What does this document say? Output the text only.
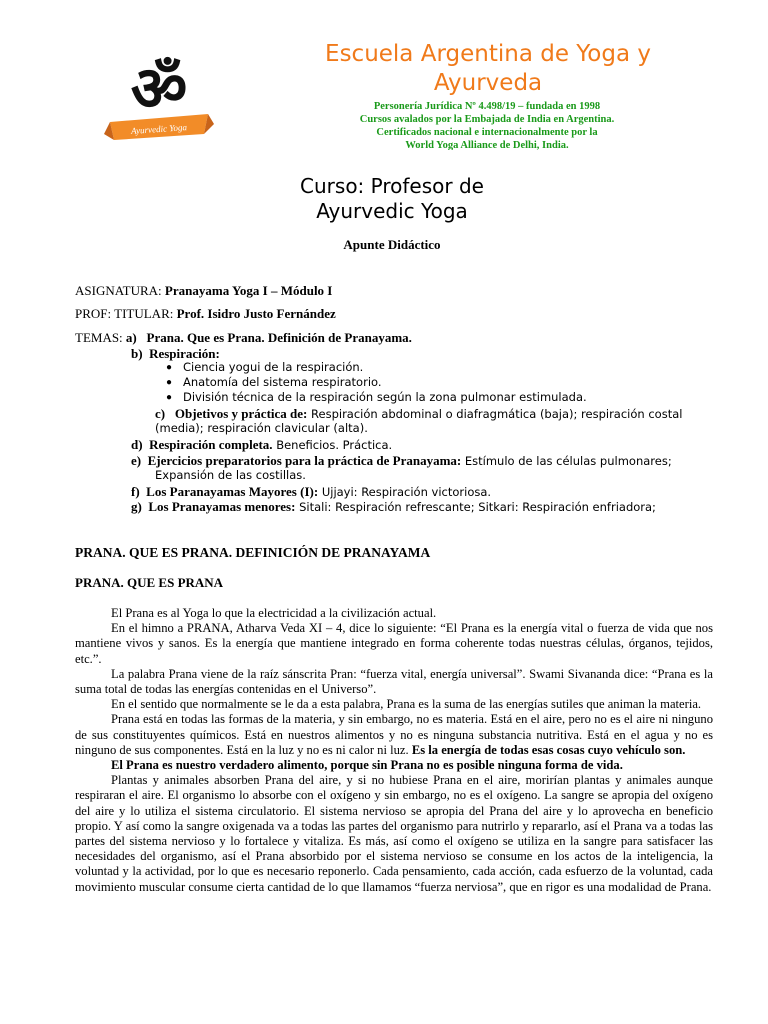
ॐ
Ayurvedic Yoga
Escuela Argentina de Yoga y Ayurveda
Personería Jurídica Nº 4.498/19 – fundada en 1998
Cursos avalados por la Embajada de India en Argentina.
Certificados nacional e internacionalmente por la
World Yoga Alliance de Delhi, India.
Curso: Profesor de
Ayurvedic Yoga
Apunte Didáctico
ASIGNATURA: Pranayama Yoga I – Módulo I
PROF: TITULAR: Prof. Isidro Justo Fernández
TEMAS: a) Prana. Que es Prana. Definición de Pranayama.
b) Respiración:
● Ciencia yogui de la respiración.
● Anatomía del sistema respiratorio.
● División técnica de la respiración según la zona pulmonar estimulada.
c) Objetivos y práctica de: Respiración abdominal o diafragmática (baja); respiración costal
(media); respiración clavicular (alta).
d) Respiración completa. Beneficios. Práctica.
e) Ejercicios preparatorios para la práctica de Pranayama: Estímulo de las células pulmonares;
Expansión de las costillas.
f) Los Paranayamas Mayores (I): Ujjayi: Respiración victoriosa.
g) Los Pranayamas menores: Sitali: Respiración refrescante; Sitkari: Respiración enfriadora;
PRANA. QUE ES PRANA. DEFINICIÓN DE PRANAYAMA
PRANA. QUE ES PRANA
El Prana es al Yoga lo que la electricidad a la civilización actual.
En el himno a PRANA, Atharva Veda XI – 4, dice lo siguiente: “El Prana es la energía vital o fuerza de vida que nos mantiene vivos y sanos. Es la energía que mantiene integrado en forma coherente todas nuestras células, órganos, tejidos, etc.”.
La palabra Prana viene de la raíz sánscrita Pran: “fuerza vital, energía universal”. Swami Sivananda dice: “Prana es la suma total de todas las energías contenidas en el Universo”.
En el sentido que normalmente se le da a esta palabra, Prana es la suma de las energías sutiles que animan la materia.
Prana está en todas las formas de la materia, y sin embargo, no es materia. Está en el aire, pero no es el aire ni ninguno de sus constituyentes químicos. Está en nuestros alimentos y no es ninguna substancia nutritiva. Está en el agua y no es ninguno de sus componentes. Está en la luz y no es ni calor ni luz. Es la energía de todas esas cosas cuyo vehículo son.
El Prana es nuestro verdadero alimento, porque sin Prana no es posible ninguna forma de vida.
Plantas y animales absorben Prana del aire, y si no hubiese Prana en el aire, morirían plantas y animales aunque respiraran el aire. El organismo lo absorbe con el oxígeno y sin embargo, no es el oxígeno. La sangre se apropia del oxígeno del aire y lo utiliza el sistema circulatorio. El sistema nervioso se apropia del Prana del aire y lo aprovecha en beneficio propio. Y así como la sangre oxigenada va a todas las partes del organismo para nutrirlo y repararlo, así el Prana va a todas las partes del sistema nervioso y lo fortalece y vitaliza. Es más, así como el oxígeno se utiliza en la sangre para satisfacer las necesidades del organismo, así el Prana absorbido por el sistema nervioso se consume en los actos de la inteligencia, la voluntad y la actividad, por lo que es necesario reponerlo. Cada pensamiento, cada acción, cada esfuerzo de la voluntad, cada movimiento muscular consume cierta cantidad de lo que llamamos “fuerza nerviosa”, que en rigor es una modalidad de Prana.
